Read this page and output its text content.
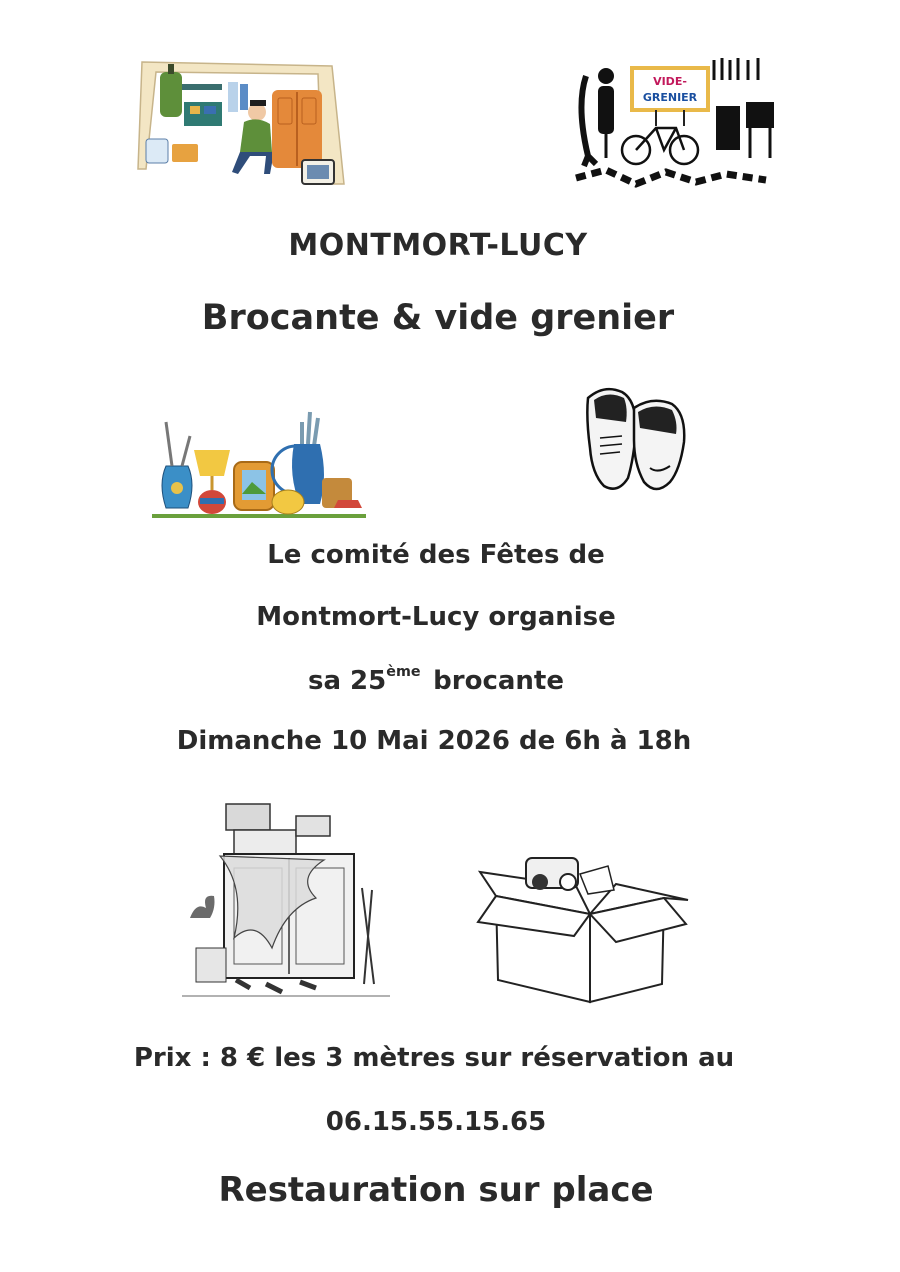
VIDE-
GRENIER
MONTMORT-LUCY
Brocante & vide grenier
Le comité des Fêtes de
Montmort-Lucy organise
sa 25ème brocante
Dimanche 10 Mai 2026 de 6h à 18h
Prix : 8 € les 3 mètres sur réservation au
06.15.55.15.65
Restauration sur place
